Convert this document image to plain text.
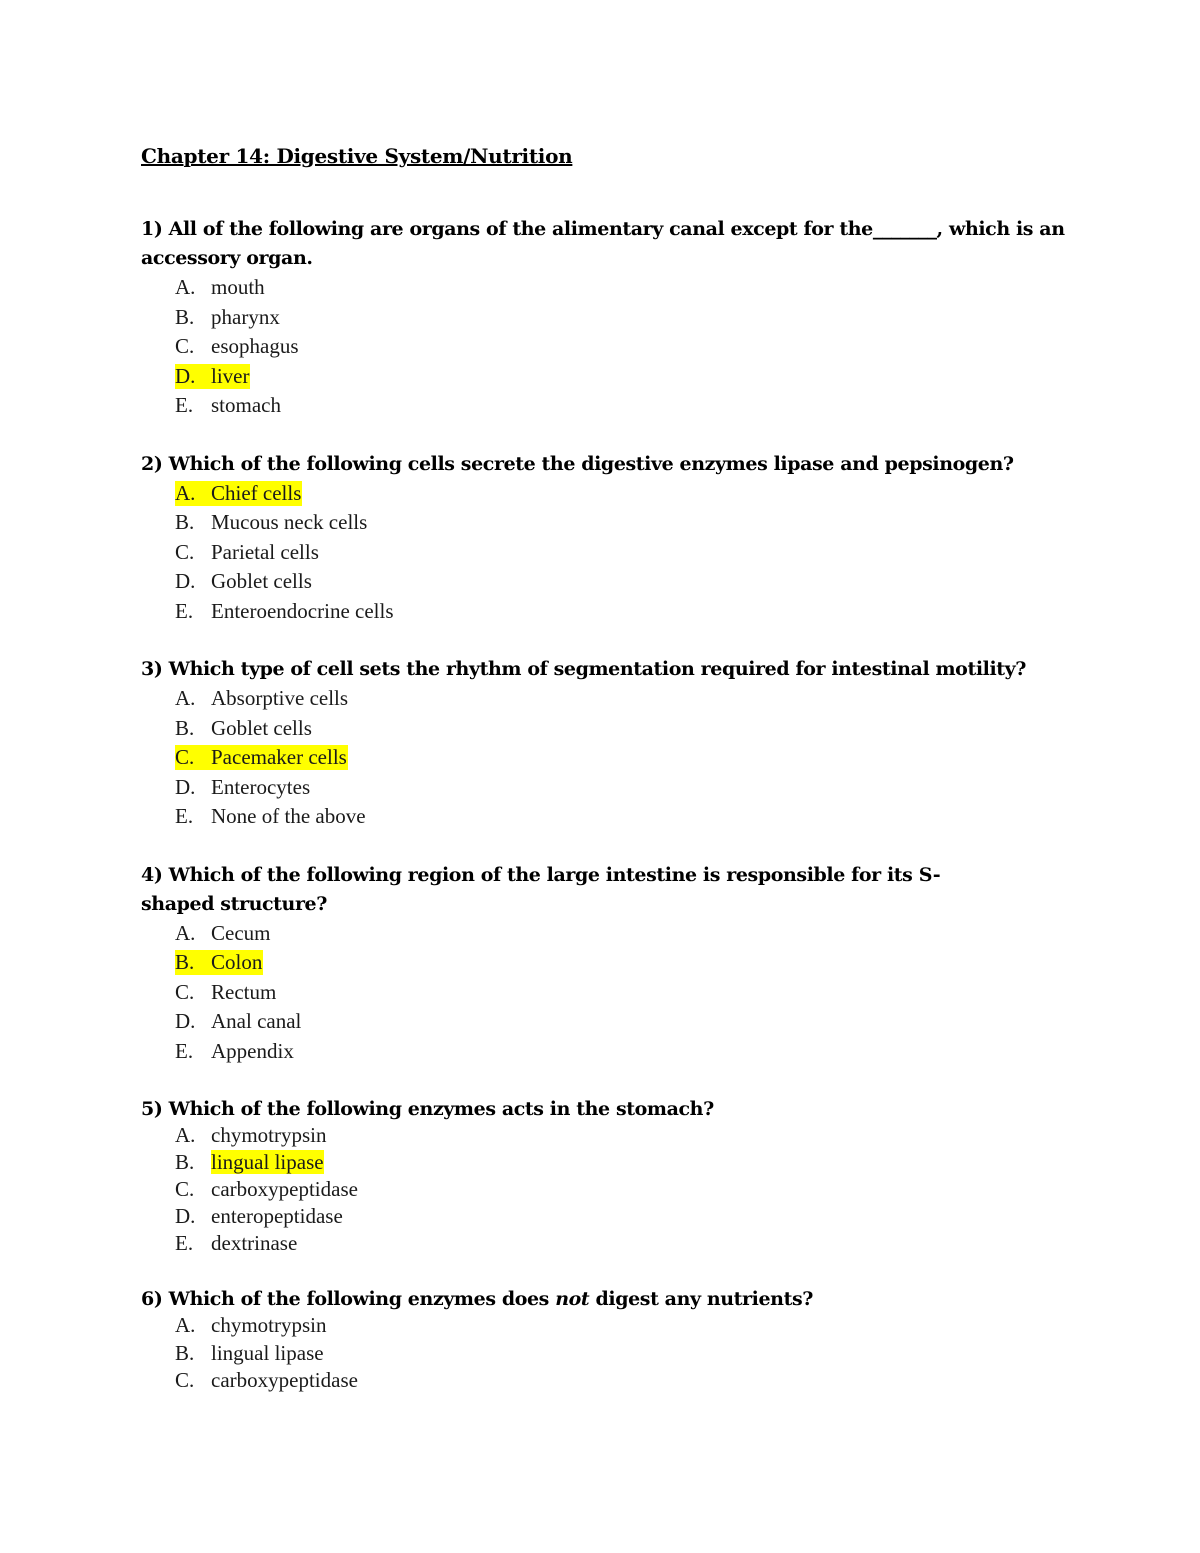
Chapter 14: Digestive System/Nutrition

1) All of the following are organs of the alimentary canal except for the_______, which is an accessory organ.

A. mouth
B. pharynx
C. esophagus
D. liver
E. stomach

2) Which of the following cells secrete the digestive enzymes lipase and pepsinogen?

A. Chief cells
B. Mucous neck cells
C. Parietal cells
D. Goblet cells
E. Enteroendocrine cells

3) Which type of cell sets the rhythm of segmentation required for intestinal motility?

A. Absorptive cells
B. Goblet cells
C. Pacemaker cells
D. Enterocytes
E. None of the above

4) Which of the following region of the large intestine is responsible for its S-shaped structure?

A. Cecum
B. Colon
C. Rectum
D. Anal canal
E. Appendix

5) Which of the following enzymes acts in the stomach?

A. chymotrypsin
B. lingual lipase
C. carboxypeptidase
D. enteropeptidase
E. dextrinase

6) Which of the following enzymes does not digest any nutrients?

A. chymotrypsin
B. lingual lipase
C. carboxypeptidase
